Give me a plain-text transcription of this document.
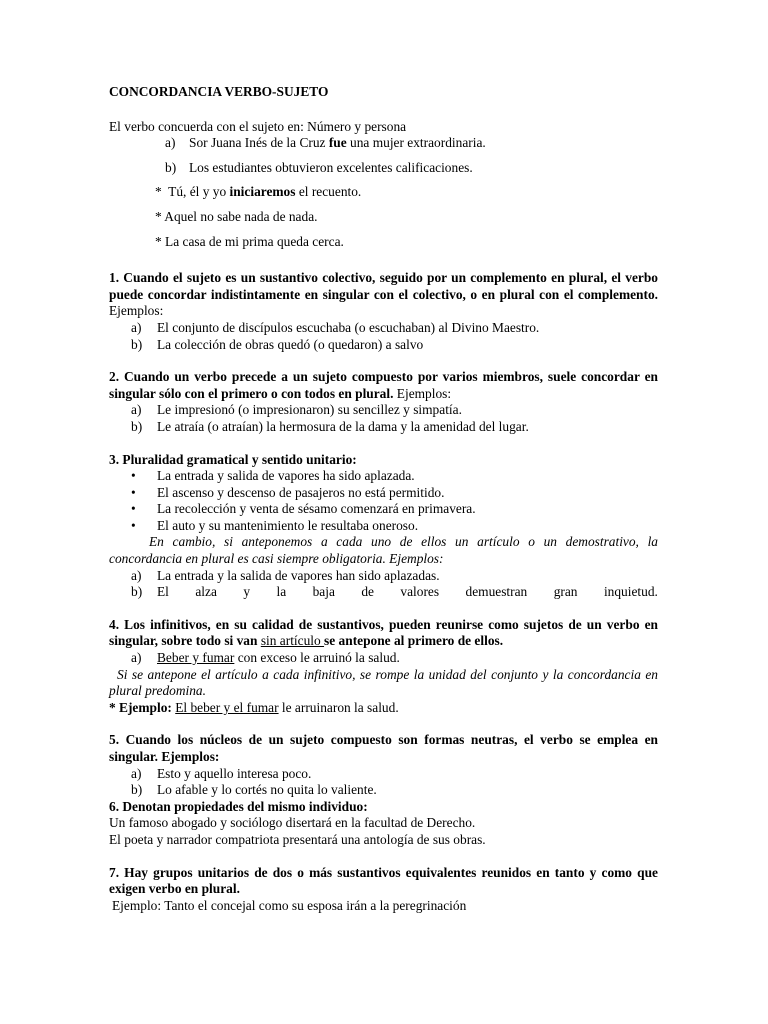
CONCORDANCIA VERBO-SUJETO

El verbo concuerda con el sujeto en: Número y persona

a)	Sor Juana Inés de la Cruz fue una mujer extraordinaria.
b) Los estudiantes obtuvieron excelentes calificaciones.

*  Tú, él y yo iniciaremos el recuento.

* Aquel no sabe nada de nada.

* La casa de mi prima queda cerca.

1. Cuando el sujeto es un sustantivo colectivo, seguido por un complemento en plural, el verbo puede concordar indistintamente en singular con el colectivo, o en plural con el complemento. Ejemplos:

a)	El conjunto de discípulos escuchaba (o escuchaban) al Divino Maestro.
b)	La colección de obras quedó (o quedaron) a salvo

2. Cuando un verbo precede a un sujeto compuesto por varios miembros, suele concordar en singular sólo con el primero o con todos en plural. Ejemplos:

a)	Le impresionó (o impresionaron) su sencillez y simpatía.
b)	Le atraía (o atraían) la hermosura de la dama y la amenidad del lugar.

3. Pluralidad gramatical y sentido unitario:

•	La entrada y salida de vapores ha sido aplazada.
•	El ascenso y descenso de pasajeros no está permitido.
•	La recolección y venta de sésamo comenzará en primavera.
•	El auto y su mantenimiento le resultaba oneroso.

En cambio, si anteponemos a cada uno de ellos un artículo o un demostrativo, la concordancia en plural es casi siempre obligatoria. Ejemplos:

a)	La entrada y la salida de vapores han sido aplazadas.
b)	El alza y la baja de valores demuestran gran inquietud.

4. Los infinitivos, en su calidad de sustantivos, pueden reunirse como sujetos de un verbo en singular, sobre todo si van sin artículo se antepone al primero de ellos.

a)	Beber y fumar con exceso le arruinó la salud.

Si se antepone el artículo a cada infinitivo, se rompe la unidad del conjunto y la concordancia en plural predomina.

* Ejemplo: El beber y el fumar le arruinaron la salud.

5. Cuando los núcleos de un sujeto compuesto son formas neutras, el verbo se emplea en singular. Ejemplos:

a)	Esto y aquello interesa poco.
b)	Lo afable y lo cortés no quita lo valiente.

6. Denotan propiedades del mismo individuo:

Un famoso abogado y sociólogo disertará en la facultad de Derecho.

El poeta y narrador compatriota presentará una antología de sus obras.

7. Hay grupos unitarios de dos o más sustantivos equivalentes reunidos en tanto y como que exigen verbo en plural.

Ejemplo: Tanto el concejal como su esposa irán a la peregrinación
